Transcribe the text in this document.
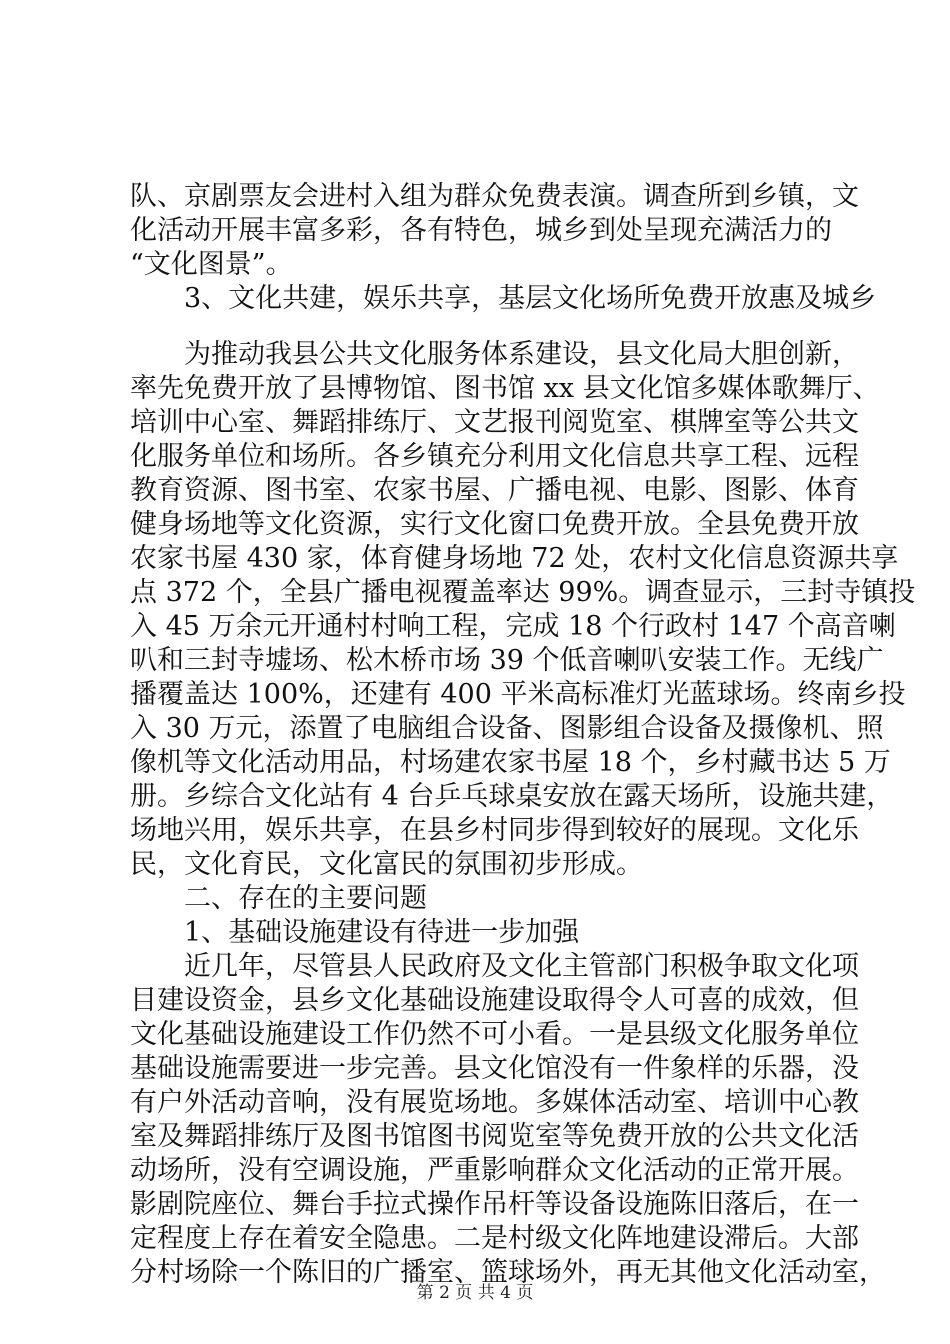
队、京剧票友会进村入组为群众免费表演。调查所到乡镇，文
化活动开展丰富多彩，各有特色，城乡到处呈现充满活力的
“文化图景”。
　　3、文化共建，娱乐共享，基层文化场所免费开放惠及城乡
　　为推动我县公共文化服务体系建设，县文化局大胆创新，
率先免费开放了县博物馆、图书馆 xx 县文化馆多媒体歌舞厅、
培训中心室、舞蹈排练厅、文艺报刊阅览室、棋牌室等公共文
化服务单位和场所。各乡镇充分利用文化信息共享工程、远程
教育资源、图书室、农家书屋、广播电视、电影、图影、体育
健身场地等文化资源，实行文化窗口免费开放。全县免费开放
农家书屋 430 家，体育健身场地 72 处，农村文化信息资源共享
点 372 个，全县广播电视覆盖率达 99%。调查显示，三封寺镇投
入 45 万余元开通村村响工程，完成 18 个行政村 147 个高音喇
叭和三封寺墟场、松木桥市场 39 个低音喇叭安装工作。无线广
播覆盖达 100%，还建有 400 平米高标准灯光蓝球场。终南乡投
入 30 万元，添置了电脑组合设备、图影组合设备及摄像机、照
像机等文化活动用品，村场建农家书屋 18 个，乡村藏书达 5 万
册。乡综合文化站有 4 台乒乓球桌安放在露天场所，设施共建，
场地兴用，娱乐共享，在县乡村同步得到较好的展现。文化乐
民，文化育民，文化富民的氛围初步形成。
　　二、存在的主要问题
　　1、基础设施建设有待进一步加强
　　近几年，尽管县人民政府及文化主管部门积极争取文化项
目建设资金，县乡文化基础设施建设取得令人可喜的成效，但
文化基础设施建设工作仍然不可小看。一是县级文化服务单位
基础设施需要进一步完善。县文化馆没有一件象样的乐器，没
有户外活动音响，没有展览场地。多媒体活动室、培训中心教
室及舞蹈排练厅及图书馆图书阅览室等免费开放的公共文化活
动场所，没有空调设施，严重影响群众文化活动的正常开展。
影剧院座位、舞台手拉式操作吊杆等设备设施陈旧落后，在一
定程度上存在着安全隐患。二是村级文化阵地建设滞后。大部
分村场除一个陈旧的广播室、篮球场外，再无其他文化活动室，
第 2 页 共 4 页
